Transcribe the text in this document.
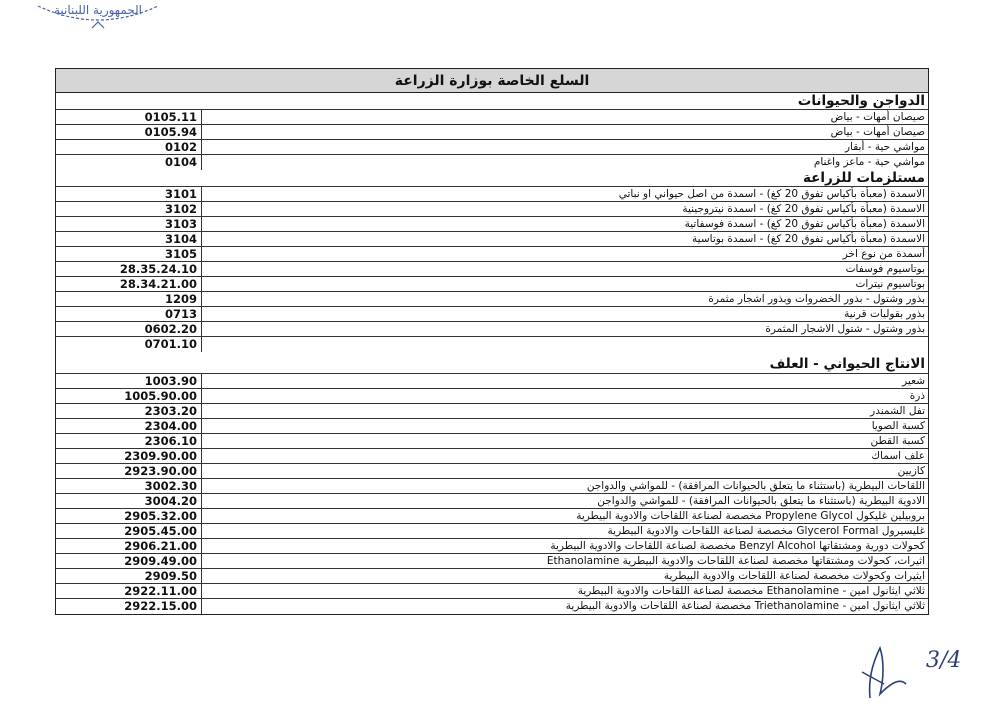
الجمهورية اللبنانية
السلع الخاصة بوزارة الزراعة
الدواجن والحيوانات
0105.11	صيصان أمهات - بياض
0105.94	صيصان أمهات - بياض
0102	مواشي حية - أبقار
0104	مواشي حية - ماعز واغنام
مستلزمات للزراعة
3101	الاسمدة (معبأة بأكياس تفوق 20 كغ) - اسمدة من اصل حيواني او نباتي
3102	الاسمدة (معبأة بأكياس تفوق 20 كغ) - اسمدة نيتروجينية
3103	الاسمدة (معبأة بأكياس تفوق 20 كغ) - اسمدة فوسفاتية
3104	الاسمدة (معبأة بأكياس تفوق 20 كغ) - اسمدة بوتاسية
3105	أسمدة من نوع اخر
28.35.24.10	بوتاسيوم فوسفات
28.34.21.00	بوتاسيوم نيترات
1209	بذور وشتول - بذور الخضروات وبذور اشجار مثمرة
0713	بذور بقوليات قرنية
0602.20	بذور وشتول - شتول الاشجار المثمرة
0701.10
الانتاج الحيواني - العلف
1003.90	شعير
1005.90.00	ذرة
2303.20	تفل الشمندر
2304.00	كسبة الصويا
2306.10	كسبة القطن
2309.90.00	علف اسماك
2923.90.00	كازيين
3002.30	اللقاحات البيطرية (باستثناء ما يتعلق بالحيوانات المرافقة) - للمواشي والدواجن
3004.20	الادوية البيطرية (باستثناء ما يتعلق بالحيوانات المرافقة) - للمواشي والدواجن
2905.32.00	بروبيلين غليكول Propylene Glycol مخصصة لصناعة اللقاحات والادوية البيطرية
2905.45.00	غليسيرول Glycerol Formal مخصصة لصناعة اللقاحات والادوية البيطرية
2906.21.00	كحولات دورية ومشتقاتها Benzyl Alcohol مخصصة لصناعة اللقاحات والادوية البيطرية
2909.49.00	اثيرات، كحولات ومشتقاتها مخصصة لصناعة اللقاحات والادوية البيطرية Ethanolamine
2909.50	ايثيرات وكحولات مخصصة لصناعة اللقاحات والادوية البيطرية
2922.11.00	ثلاثي ايثانول امين - Ethanolamine مخصصة لصناعة اللقاحات والادوية البيطرية
2922.15.00	ثلاثي ايثانول امين - Triethanolamine مخصصة لصناعة اللقاحات والادوية البيطرية
3/4
